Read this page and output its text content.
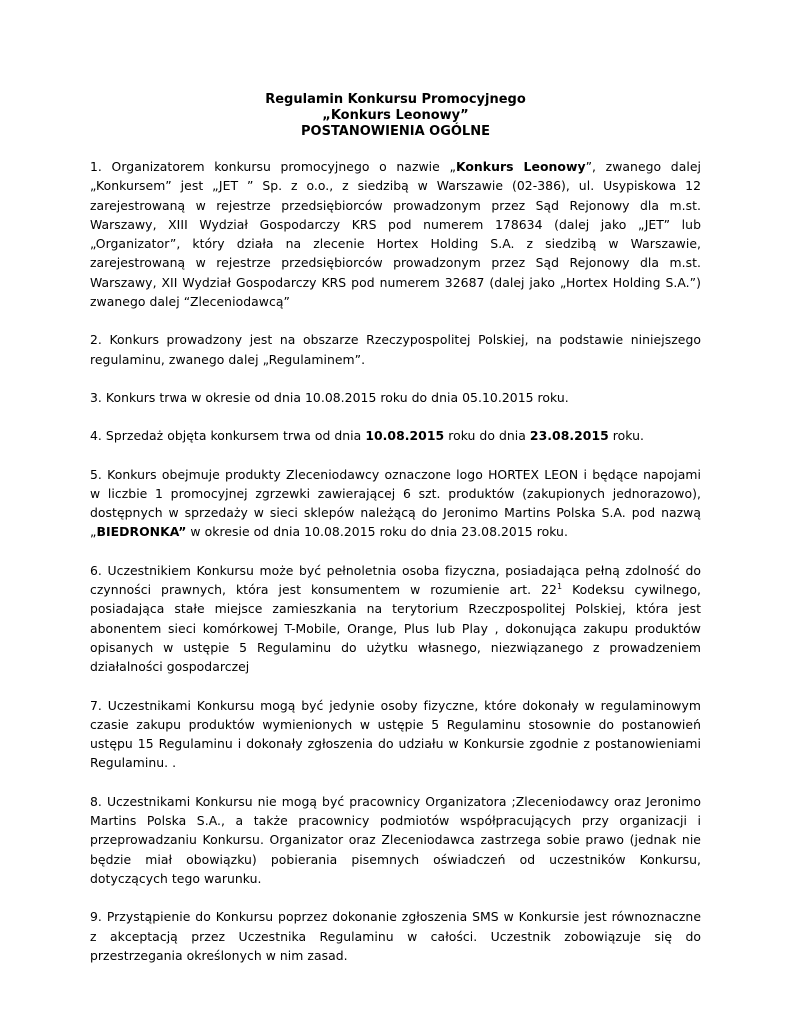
Regulamin Konkursu Promocyjnego
„Konkurs Leonowy”
POSTANOWIENIA OGÓLNE

1. Organizatorem konkursu promocyjnego o nazwie „Konkurs Leonowy”, zwanego dalej „Konkursem” jest „JET ” Sp. z o.o., z siedzibą w Warszawie (02-386), ul. Usypiskowa 12 zarejestrowaną w rejestrze przedsiębiorców prowadzonym przez Sąd Rejonowy dla m.st. Warszawy, XIII Wydział Gospodarczy KRS pod numerem 178634 (dalej jako „JET” lub „Organizator”, który działa na zlecenie Hortex Holding S.A. z siedzibą w Warszawie, zarejestrowaną w rejestrze przedsiębiorców prowadzonym przez Sąd Rejonowy dla m.st. Warszawy, XII Wydział Gospodarczy KRS pod numerem 32687 (dalej jako „Hortex Holding S.A.”) zwanego dalej “Zleceniodawcą”

2. Konkurs prowadzony jest na obszarze Rzeczypospolitej Polskiej, na podstawie niniejszego regulaminu, zwanego dalej „Regulaminem”.

3. Konkurs trwa w okresie od dnia 10.08.2015 roku do dnia 05.10.2015 roku.

4. Sprzedaż objęta konkursem trwa od dnia 10.08.2015 roku do dnia 23.08.2015 roku.

5. Konkurs obejmuje produkty Zleceniodawcy oznaczone logo HORTEX LEON i będące napojami w liczbie 1 promocyjnej zgrzewki zawierającej 6 szt. produktów (zakupionych jednorazowo), dostępnych w sprzedaży w sieci sklepów należącą do Jeronimo Martins Polska S.A. pod nazwą „BIEDRONKA” w okresie od dnia 10.08.2015 roku do dnia 23.08.2015 roku.

6. Uczestnikiem Konkursu może być pełnoletnia osoba fizyczna, posiadająca pełną zdolność do czynności prawnych, która jest konsumentem w rozumienie art. $22^1$ Kodeksu cywilnego, posiadająca stałe miejsce zamieszkania na terytorium Rzeczpospolitej Polskiej, która jest abonentem sieci komórkowej T-Mobile, Orange, Plus lub Play , dokonująca zakupu produktów opisanych w ustępie 5 Regulaminu do użytku własnego, niezwiązanego z prowadzeniem działalności gospodarczej

7. Uczestnikami Konkursu mogą być jedynie osoby fizyczne, które dokonały w regulaminowym czasie zakupu produktów wymienionych w ustępie 5 Regulaminu stosownie do postanowień ustępu 15 Regulaminu i dokonały zgłoszenia do udziału w Konkursie zgodnie z postanowieniami Regulaminu. .

8. Uczestnikami Konkursu nie mogą być pracownicy Organizatora ;Zleceniodawcy oraz Jeronimo Martins Polska S.A., a także pracownicy podmiotów współpracujących przy organizacji i przeprowadzaniu Konkursu. Organizator oraz Zleceniodawca zastrzega sobie prawo (jednak nie będzie miał obowiązku) pobierania pisemnych oświadczeń od uczestników Konkursu, dotyczących tego warunku.

9. Przystąpienie do Konkursu poprzez dokonanie zgłoszenia SMS w Konkursie jest równoznaczne z akceptacją przez Uczestnika Regulaminu w całości. Uczestnik zobowiązuje się do przestrzegania określonych w nim zasad.
